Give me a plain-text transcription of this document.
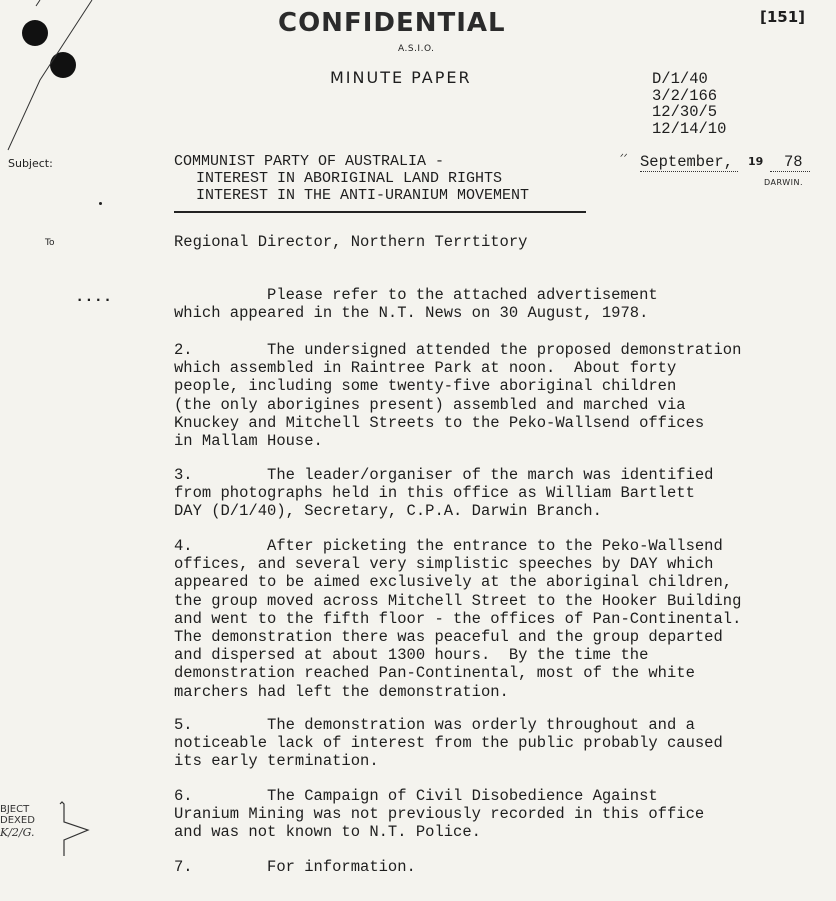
CONFIDENTIAL	[151]
A.S.I.O.
MINUTE PAPER	D/1/40
3/2/166
12/30/5
12/14/10
Subject:	COMMUNIST PARTY OF AUSTRALIA -
INTEREST IN ABORIGINAL LAND RIGHTS
INTEREST IN THE ANTI-URANIUM MOVEMENT
ᐟᐟ September, 19 78
DARWIN.
To	Regional Director, Northern Terrtitory
....	Please refer to the attached advertisement
which appeared in the N.T. News on 30 August, 1978.
2.        The undersigned attended the proposed demonstration
which assembled in Raintree Park at noon.  About forty
people, including some twenty-five aboriginal children
(the only aborigines present) assembled and marched via
Knuckey and Mitchell Streets to the Peko-Wallsend offices
in Mallam House.
3.        The leader/organiser of the march was identified
from photographs held in this office as William Bartlett
DAY (D/1/40), Secretary, C.P.A. Darwin Branch.
4.        After picketing the entrance to the Peko-Wallsend
offices, and several very simplistic speeches by DAY which
appeared to be aimed exclusively at the aboriginal children,
the group moved across Mitchell Street to the Hooker Building
and went to the fifth floor - the offices of Pan-Continental.
The demonstration there was peaceful and the group departed
and dispersed at about 1300 hours.  By the time the
demonstration reached Pan-Continental, most of the white
marchers had left the demonstration.
5.        The demonstration was orderly throughout and a
noticeable lack of interest from the public probably caused
its early termination.
6.        The Campaign of Civil Disobedience Against
Uranium Mining was not previously recorded in this office
and was not known to N.T. Police.
7.        For information.
BJECT
DEXED
K/2/G.
